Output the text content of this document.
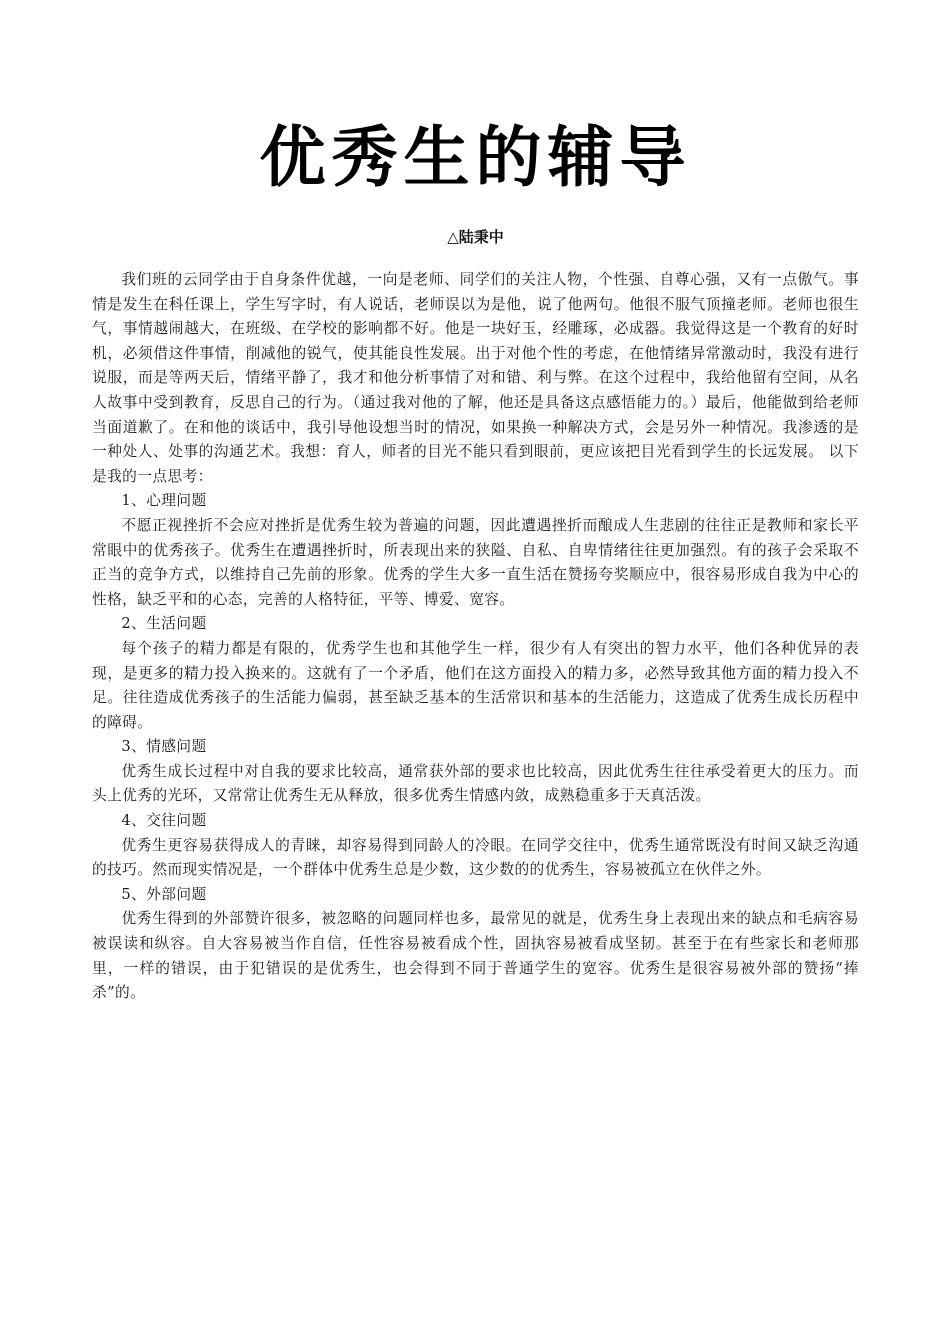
优秀生的辅导
△陆秉中

我们班的云同学由于自身条件优越，一向是老师、同学们的关注人物，个性强、自尊心强，又有一点傲气。事情是发生在科任课上，学生写字时，有人说话，老师误以为是他，说了他两句。他很不服气顶撞老师。老师也很生气，事情越闹越大，在班级、在学校的影响都不好。他是一块好玉，经雕琢，必成器。我觉得这是一个教育的好时机，必须借这件事情，削减他的锐气，使其能良性发展。出于对他个性的考虑，在他情绪异常激动时，我没有进行说服，而是等两天后，情绪平静了，我才和他分析事情了对和错、利与弊。在这个过程中，我给他留有空间，从名人故事中受到教育，反思自己的行为。（通过我对他的了解，他还是具备这点感悟能力的。）最后，他能做到给老师当面道歉了。在和他的谈话中，我引导他设想当时的情况，如果换一种解决方式，会是另外一种情况。我渗透的是一种处人、处事的沟通艺术。我想：育人，师者的目光不能只看到眼前，更应该把目光看到学生的长远发展。 以下是我的一点思考：

1、心理问题

不愿正视挫折不会应对挫折是优秀生较为普遍的问题，因此遭遇挫折而酿成人生悲剧的往往正是教师和家长平常眼中的优秀孩子。优秀生在遭遇挫折时，所表现出来的狭隘、自私、自卑情绪往往更加强烈。有的孩子会采取不正当的竞争方式，以维持自己先前的形象。优秀的学生大多一直生活在赞扬夸奖顺应中，很容易形成自我为中心的性格，缺乏平和的心态，完善的人格特征，平等、博爱、宽容。

2、生活问题

每个孩子的精力都是有限的，优秀学生也和其他学生一样，很少有人有突出的智力水平，他们各种优异的表现，是更多的精力投入换来的。这就有了一个矛盾，他们在这方面投入的精力多，必然导致其他方面的精力投入不足。往往造成优秀孩子的生活能力偏弱，甚至缺乏基本的生活常识和基本的生活能力，这造成了优秀生成长历程中的障碍。

3、情感问题

优秀生成长过程中对自我的要求比较高，通常获外部的要求也比较高，因此优秀生往往承受着更大的压力。而头上优秀的光环，又常常让优秀生无从释放，很多优秀生情感内敛，成熟稳重多于天真活泼。

4、交往问题

优秀生更容易获得成人的青睐，却容易得到同龄人的冷眼。在同学交往中，优秀生通常既没有时间又缺乏沟通的技巧。然而现实情况是，一个群体中优秀生总是少数，这少数的的优秀生，容易被孤立在伙伴之外。

5、外部问题

优秀生得到的外部赞许很多，被忽略的问题同样也多，最常见的就是，优秀生身上表现出来的缺点和毛病容易被误读和纵容。自大容易被当作自信，任性容易被看成个性，固执容易被看成坚韧。甚至于在有些家长和老师那里，一样的错误，由于犯错误的是优秀生，也会得到不同于普通学生的宽容。优秀生是很容易被外部的赞扬“捧杀”的。
